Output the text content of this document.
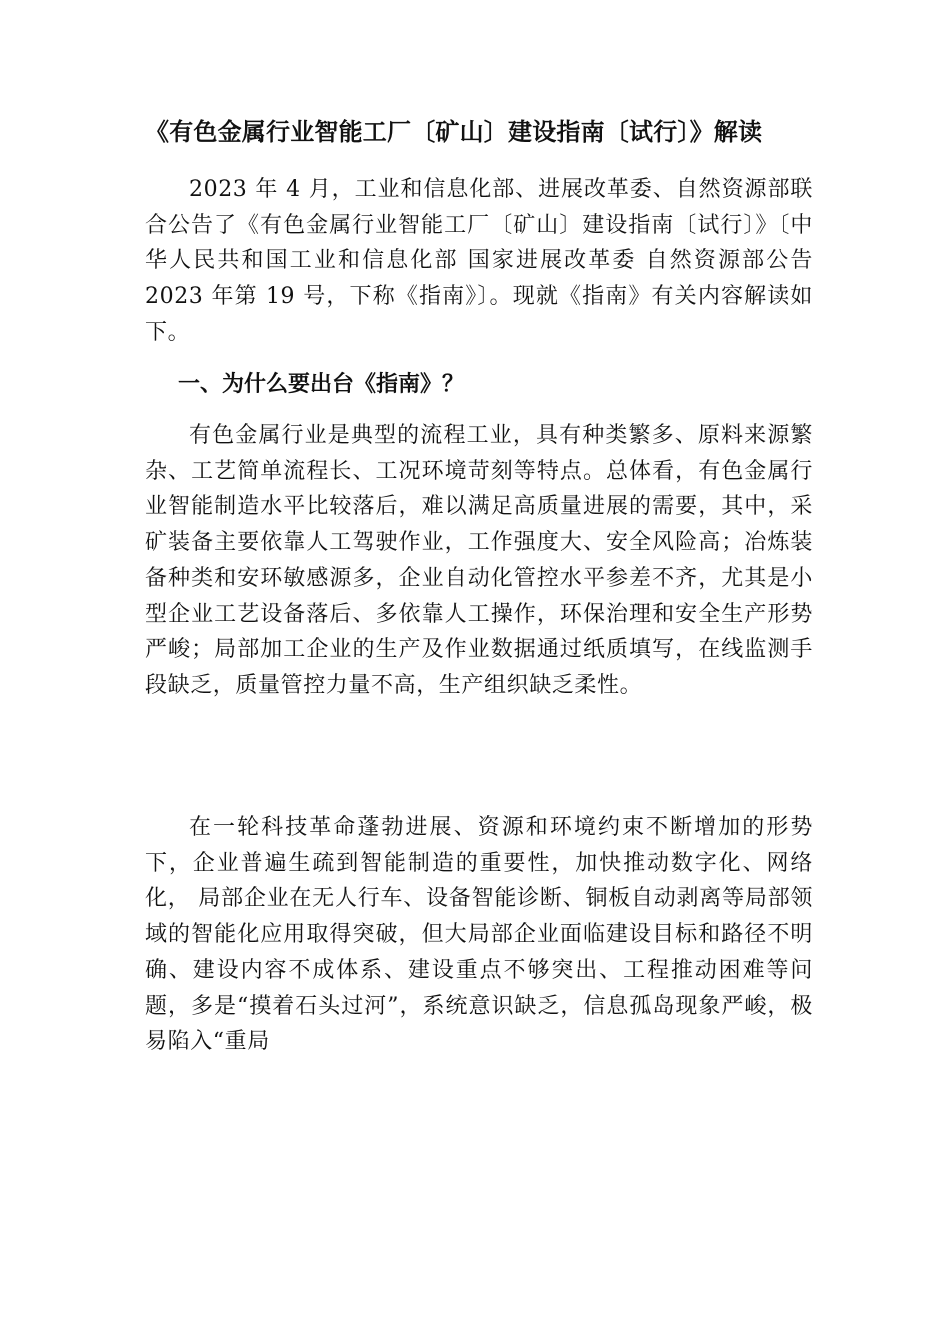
《有色金属行业智能工厂〔矿山〕建设指南〔试行〕》解读

2023 年 4 月，工业和信息化部、进展改革委、自然资源部联合公告了《有色金属行业智能工厂〔矿山〕建设指南〔试行〕》〔中华人民共和国工业和信息化部 国家进展改革委 自然资源部公告 2023 年第 19 号，下称《指南》〕。现就《指南》有关内容解读如下。

一、为什么要出台《指南》？

有色金属行业是典型的流程工业，具有种类繁多、原料来源繁杂、工艺简单流程长、工况环境苛刻等特点。总体看，有色金属行业智能制造水平比较落后，难以满足高质量进展的需要，其中，采矿装备主要依靠人工驾驶作业，工作强度大、安全风险高；冶炼装备种类和安环敏感源多，企业自动化管控水平参差不齐，尤其是小型企业工艺设备落后、多依靠人工操作，环保治理和安全生产形势严峻；局部加工企业的生产及作业数据通过纸质填写，在线监测手段缺乏，质量管控力量不高，生产组织缺乏柔性。

在一轮科技革命蓬勃进展、资源和环境约束不断增加的形势下，企业普遍生疏到智能制造的重要性，加快推动数字化、网络化， 局部企业在无人行车、设备智能诊断、铜板自动剥离等局部领域的智能化应用取得突破，但大局部企业面临建设目标和路径不明确、建设内容不成体系、建设重点不够突出、工程推动困难等问题，多是“摸着石头过河”，系统意识缺乏，信息孤岛现象严峻，极易陷入“重局
